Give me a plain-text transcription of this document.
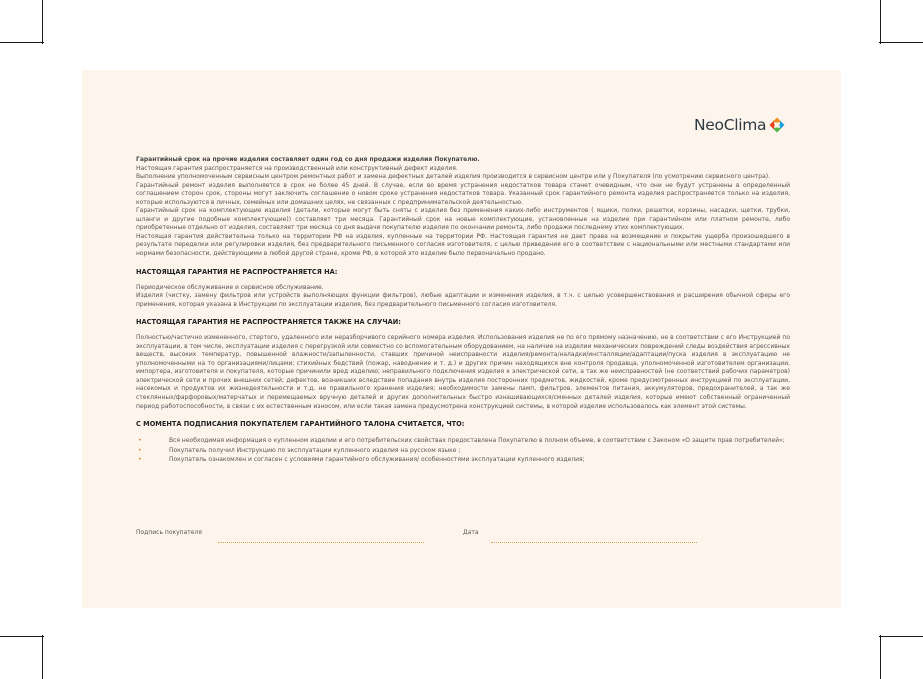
NeoClima

Гарантийный срок на прочие изделия составляет один год со дня продажи изделия Покупателю.

Настоящая гарантия распространяется на производственный или конструктивный дефект изделия.

Выполнение уполномоченным сервисным центром ремонтных работ и замена дефектных деталей изделия производится в сервисном центре или у Покупателя (по усмотрению сервисного центра).

Гарантийный ремонт изделия выполняется в срок не более 45 дней. В случае, если во время устранения недостатков товара станет очевидным, что они не будут устранены в определенный соглашением сторон срок, стороны могут заключить соглашение о новом сроке устранения недостатков товара. Указанный срок гарантийного ремонта изделия распространяется только на изделия, которые используются в личных, семейных или домашних целях, не связанных с предпринимательской деятельностью.

Гарантийный срок на комплектующие изделия (детали, которые могут быть сняты с изделия без применения каких-либо инструментов ( ящики, полки, решетки, корзины, насадки, щетки, трубки, шланги и другие подобные комплектующие)) составляет три месяца. Гарантийный срок на новые комплектующие, установленные на изделие при гарантийном или платном ремонте, либо приобретенные отдельно от изделия, составляет три месяца со дня выдачи покупателю изделия по окончании ремонта, либо продажи последнему этих комплектующих.

Настоящая гарантия действительна только на территории РФ на изделия, купленные на территории РФ. Настоящая гарантия не дает права на возмещение и покрытие ущерба произошедшего в результате переделки или регулировки изделия, без предварительного письменного согласия изготовителя, с целью приведения его в соответствие с национальными или местными стандартами или нормами безопасности, действующими в любой другой стране, кроме РФ, в которой это изделие было первоначально продано.

НАСТОЯЩАЯ ГАРАНТИЯ НЕ РАСПРОСТРАНЯЕТСЯ НА:

Периодическое обслуживание и сервисное обслуживание.

Изделия (чистку, замену фильтров или устройств выполняющих функции фильтров), любые адаптации и изменения изделия, в т.ч. с целью усовершенствования и расширения обычной сферы его применения, которая указана в Инструкции по эксплуатации изделия, без предварительного письменного согласия изготовителя.

НАСТОЯЩАЯ ГАРАНТИЯ НЕ РАСПРОСТРАНЯЕТСЯ ТАКЖЕ НА СЛУЧАИ:

Полностью/частично измененного, стертого, удаленного или неразборчивого серийного номера изделия. Использования изделия не по его прямому назначению, не в соответствии с его Инструкцией по эксплуатации, в том числе, эксплуатации изделия с перегрузкой или совместно со вспомогательным оборудованием, на наличие на изделии механических повреждений следы воздействия агрессивных веществ, высоких температур, повышенной влажности/запыленности, ставших причиной неисправности изделия/ремонта/наладки/инсталляции/адаптации/пуска изделия в эксплуатацию не уполномоченными на то организациями/лицами; стихийных бедствий (пожар, наводнение и т. д.) и других причин находящихся вне контроля продавца, уполномоченной изготовителем организации, импортера, изготовителя и покупателя, которые причинили вред изделию; неправильного подключения изделия к электрической сети, а так же неисправностей (не соответствий рабочих параметров) электрической сети и прочих внешних сетей; дефектов, возникших вследствие попадания внутрь изделия посторонних предметов, жидкостей, кроме предусмотренных инструкцией по эксплуатации, насекомых и продуктов их жизнедеятельности и т.д. не правильного хранения изделия; необходимости замены ламп, фильтров, элементов питания, аккумуляторов, предохранителей, а так же стеклянных/фарфоровых/матерчатых и перемещаемых вручную деталей и других дополнительных быстро изнашивающихся/сменных деталей изделия, которые имеют собственный ограниченный период работоспособности, в связи с их естественным износом, или если такая замена предусмотрена конструкцией системы, в которой изделие использовалось как элемент этой системы.

С МОМЕНТА ПОДПИСАНИЯ ПОКУПАТЕЛЕМ ГАРАНТИЙНОГО ТАЛОНА СЧИТАЕТСЯ, ЧТО:
•	Вся необходимая информация о купленном изделии и его потребительских свойствах предоставлена Покупателю в полном объеме, в соответствии с Законом «О защите прав потребителей»;
•	Покупатель получил Инструкцию по эксплуатации купленного изделия на русском языке ;
•	Покупатель ознакомлен и согласен с условиями гарантийного обслуживания/ особенностями эксплуатации купленного изделия;
Подпись покупателя	Дата
